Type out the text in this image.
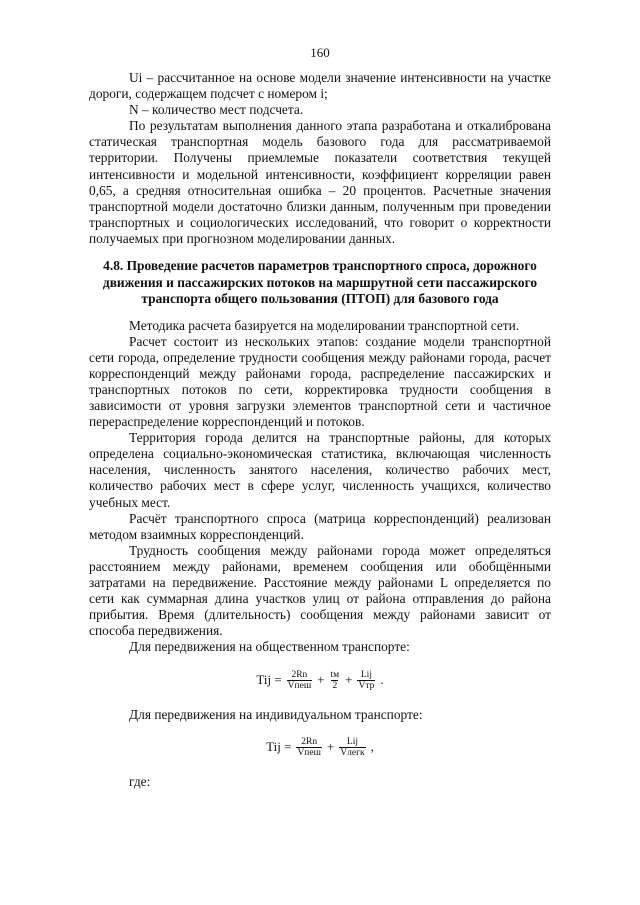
160

Ui – рассчитанное на основе модели значение интенсивности на участке дороги, содержащем подсчет с номером i;

N – количество мест подсчета.

По результатам выполнения данного этапа разработана и откалибрована статическая транспортная модель базового года для рассматриваемой территории. Получены приемлемые показатели соответствия текущей интенсивности и модельной интенсивности, коэффициент корреляции равен 0,65, а средняя относительная ошибка – 20 процентов. Расчетные значения транспортной модели достаточно близки данным, полученным при проведении транспортных и социологических исследований, что говорит о корректности получаемых при прогнозном моделировании данных.

4.8. Проведение расчетов параметров транспортного спроса, дорожного движения и пассажирских потоков на маршрутной сети пассажирского транспорта общего пользования (ПТОП) для базового года

Методика расчета базируется на моделировании транспортной сети.

Расчет состоит из нескольких этапов: создание модели транспортной сети города, определение трудности сообщения между районами города, расчет корреспонденций между районами города, распределение пассажирских и транспортных потоков по сети, корректировка трудности сообщения в зависимости от уровня загрузки элементов транспортной сети и частичное перераспределение корреспонденций и потоков.

Территория города делится на транспортные районы, для которых определена социально-экономическая статистика, включающая численность населения, численность занятого населения, количество рабочих мест, количество рабочих мест в сфере услуг, численность учащихся, количество учебных мест.

Расчёт транспортного спроса (матрица корреспонденций) реализован методом взаимных корреспонденций.

Трудность сообщения между районами города может определяться расстоянием между районами, временем сообщения или обобщёнными затратами на передвижение. Расстояние между районами L определяется по сети как суммарная длина участков улиц от района отправления до района прибытия. Время (длительность) сообщения между районами зависит от способа передвижения.

Для передвижения на общественном транспорте:

Tij = $\frac{2Rn}{\text{Vпеш}} + \frac{tм}{2} + \frac{\text{Lij}}{\text{Vтр}}$ .

Для передвижения на индивидуальном транспорте:

Tij = $\frac{2Rn}{\text{Vпеш}} + \frac{\text{Lij}}{\text{Vлегк}}$ ,

где:
